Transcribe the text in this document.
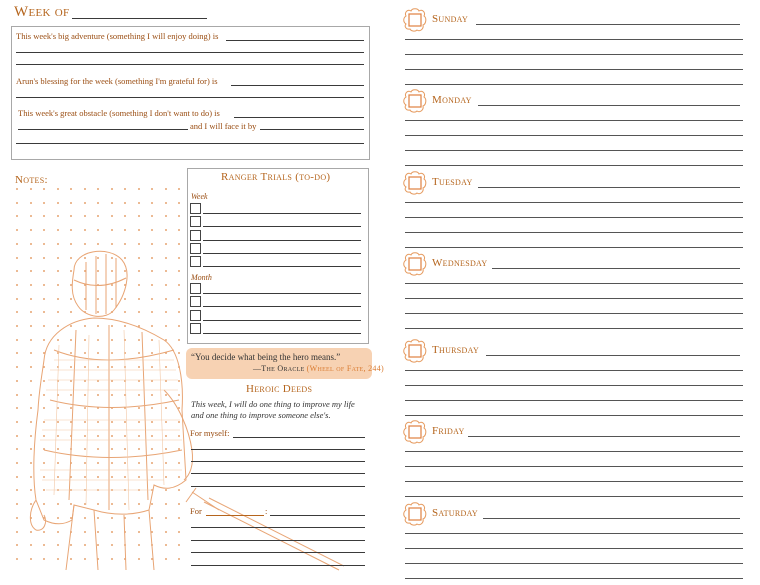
Week of
This week's big adventure (something I will enjoy doing) is
Arun's blessing for the week (something I'm grateful for) is
This week's great obstacle (something I don't want to do) is
and I will face it by
Notes:	Ranger Trials (to-do)
Week
Month
“You decide what being the hero means.”
—The Oracle (Wheel of Fate, 244)
Heroic Deeds
This week, I will do one thing to improve my life
and one thing to improve someone else's.
For myself:
For	:
Sunday
Monday
Tuesday
Wednesday
Thursday
Friday
Saturday
